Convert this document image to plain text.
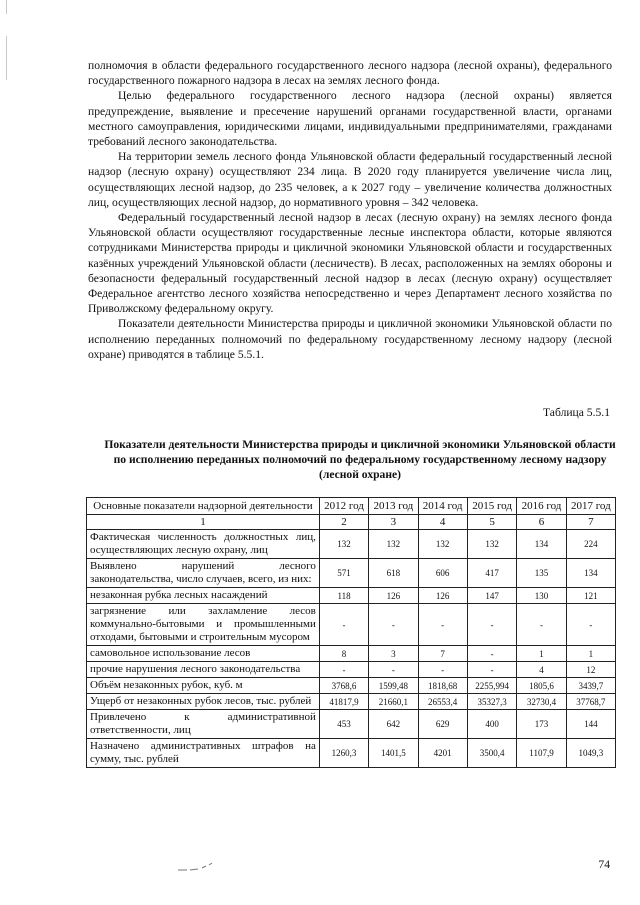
полномочия в области федерального государственного лесного надзора (лесной охраны), федерального государственного пожарного надзора в лесах на землях лесного фонда.

Целью федерального государственного лесного надзора (лесной охраны) является предупреждение, выявление и пресечение нарушений органами государственной власти, органами местного самоуправления, юридическими лицами, индивидуальными предпринимателями, гражданами требований лесного законодательства.

На территории земель лесного фонда Ульяновской области федеральный государственный лесной надзор (лесную охрану) осуществляют 234 лица. В 2020 году планируется увеличение числа лиц, осуществляющих лесной надзор, до 235 человек, а к 2027 году – увеличение количества должностных лиц, осуществляющих лесной надзор, до нормативного уровня – 342 человека.

Федеральный государственный лесной надзор в лесах (лесную охрану) на землях лесного фонда Ульяновской области осуществляют государственные лесные инспектора области, которые являются сотрудниками Министерства природы и цикличной экономики Ульяновской области и государственных казённых учреждений Ульяновской области (лесничеств). В лесах, расположенных на землях обороны и безопасности федеральный государственный лесной надзор в лесах (лесную охрану) осуществляет Федеральное агентство лесного хозяйства непосредственно и через Департамент лесного хозяйства по Приволжскому федеральному округу.

Показатели деятельности Министерства природы и цикличной экономики Ульяновской области по исполнению переданных полномочий по федеральному государственному лесному надзору (лесной охране) приводятся в таблице 5.5.1.

Таблица 5.5.1
Показатели деятельности Министерства природы и цикличной экономики Ульяновской области по исполнению переданных полномочий по федеральному государственному лесному надзору (лесной охране)
Основные показатели надзорной деятельности	2012 год	2013 год	2014 год	2015 год	2016 год	2017 год
1	2	3	4	5	6	7
Фактическая численность должностных лиц, осуществляющих лесную охрану, лиц	132	132	132	132	134	224
Выявлено нарушений лесного законодательства, число случаев, всего, из них:	571	618	606	417	135	134
незаконная рубка лесных насаждений	118	126	126	147	130	121
загрязнение или захламление лесов коммунально-бытовыми и промышленными отходами, бытовыми и строительным мусором	-	-	-	-	-	-
самовольное использование лесов	8	3	7	-	1	1
прочие нарушения лесного законодательства	-	-	-	-	4	12
Объём незаконных рубок, куб. м	3768,6	1599,48	1818,68	2255,994	1805,6	3439,7
Ущерб от незаконных рубок лесов, тыс. рублей	41817,9	21660,1	26553,4	35327,3	32730,4	37768,7
Привлечено к административной ответственности, лиц	453	642	629	400	173	144
Назначено административных штрафов на сумму, тыс. рублей	1260,3	1401,5	4201	3500,4	1107,9	1049,3
74
